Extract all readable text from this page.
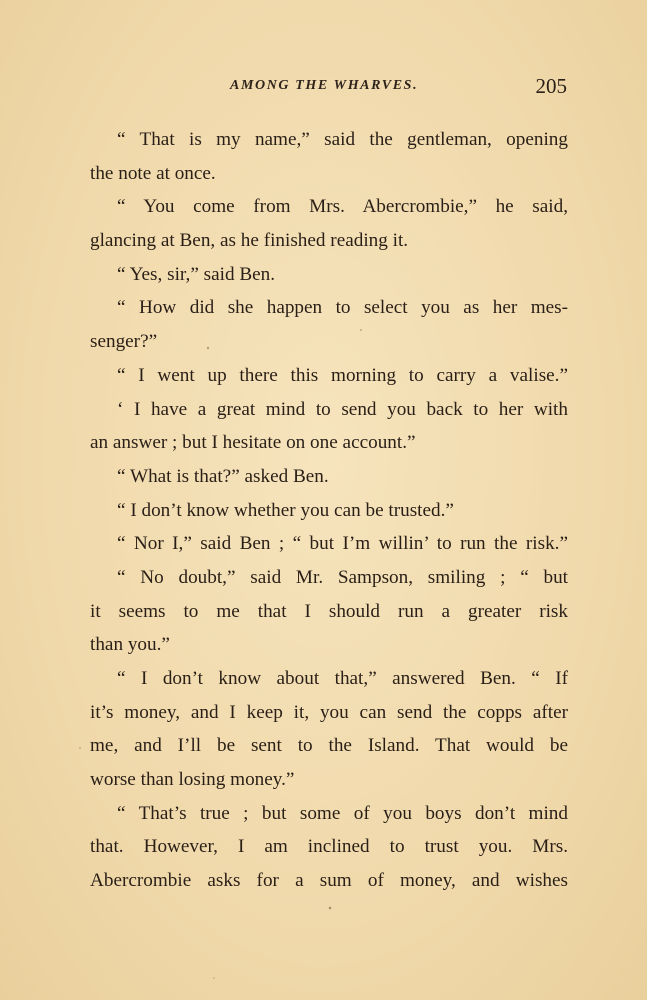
AMONG THE WHARVES.	205
“ That is my name,” said the gentleman, opening
the note at once.
“ You come from Mrs. Abercrombie,” he said,
glancing at Ben, as he finished reading it.
“ Yes, sir,” said Ben.
“ How did she happen to select you as her mes-
senger?”
“ I went up there this morning to carry a valise.”
‘ I have a great mind to send you back to her with
an answer ; but I hesitate on one account.”
“ What is that?” asked Ben.
“ I don’t know whether you can be trusted.”
“ Nor I,” said Ben ; “ but I’m willin’ to run the risk.”
“ No doubt,” said Mr. Sampson, smiling ; “ but
it seems to me that I should run a greater risk
than you.”
“ I don’t know about that,” answered Ben. “ If
it’s money, and I keep it, you can send the copps after
me, and I’ll be sent to the Island. That would be
worse than losing money.”
“ That’s true ; but some of you boys don’t mind
that. However, I am inclined to trust you. Mrs.
Abercrombie asks for a sum of money, and wishes
